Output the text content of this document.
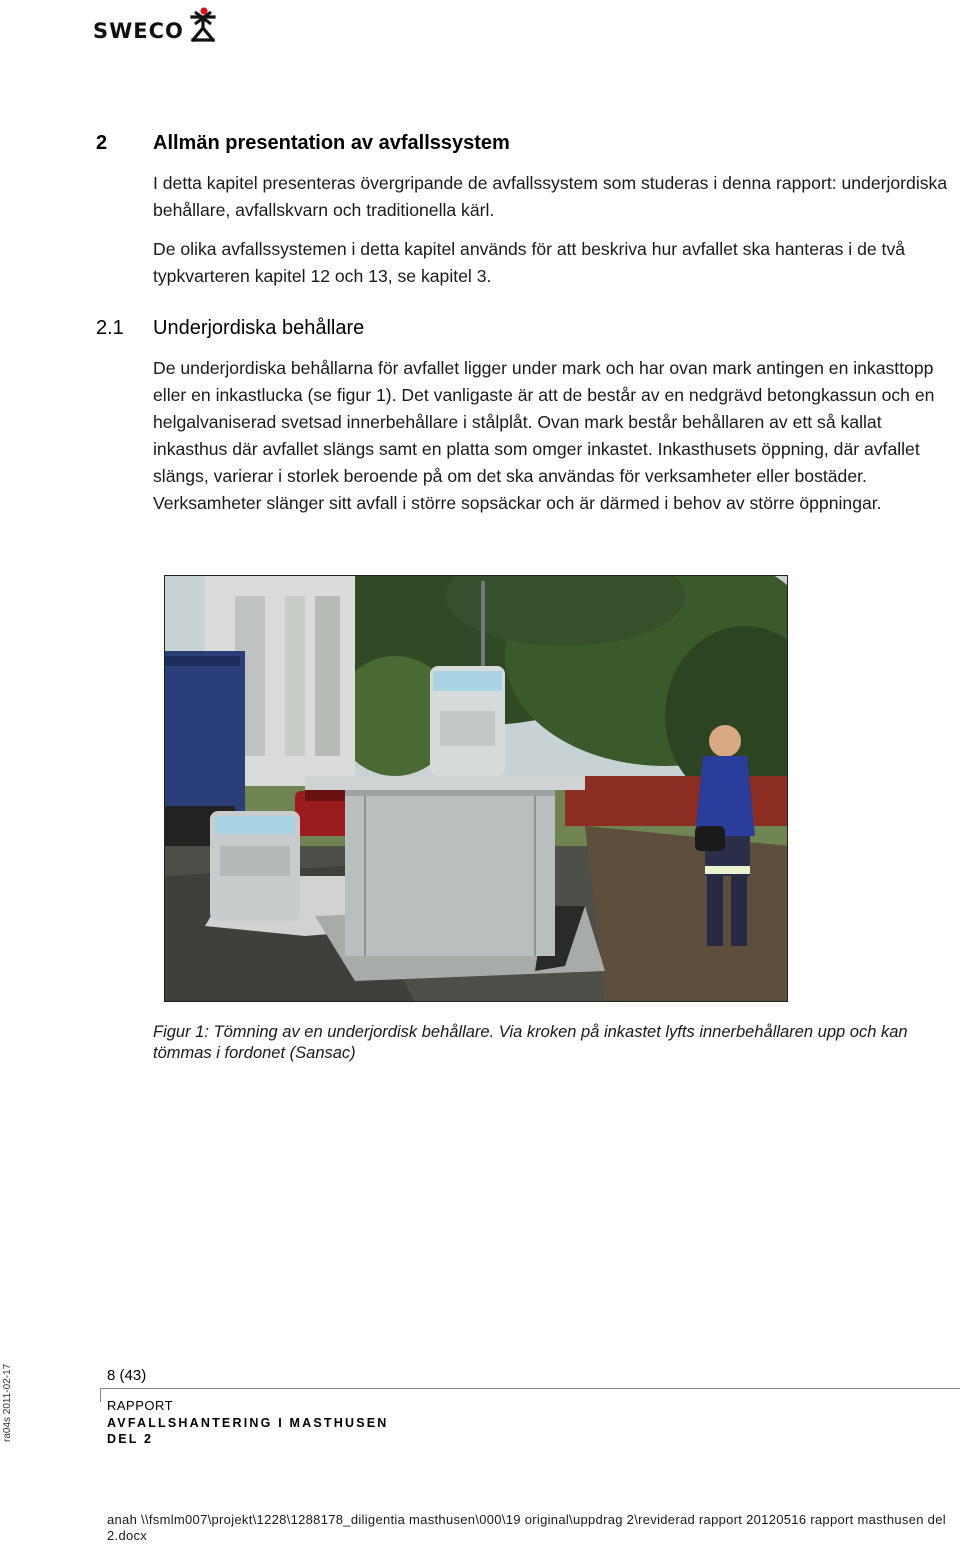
SWECO
2	Allmän presentation av avfallssystem
I detta kapitel presenteras övergripande de avfallssystem som studeras i denna rapport: underjordiska behållare, avfallskvarn och traditionella kärl.
De olika avfallssystemen i detta kapitel används för att beskriva hur avfallet ska hanteras i de två typkvarteren kapitel 12 och 13, se kapitel 3.
2.1	Underjordiska behållare
De underjordiska behållarna för avfallet ligger under mark och har ovan mark antingen en inkasttopp eller en inkastlucka (se figur 1). Det vanligaste är att de består av en nedgrävd betongkassun och en helgalvaniserad svetsad innerbehållare i stålplåt. Ovan mark består behållaren av ett så kallat inkasthus där avfallet slängs samt en platta som omger inkastet. Inkasthusets öppning, där avfallet slängs, varierar i storlek beroende på om det ska användas för verksamheter eller bostäder. Verksamheter slänger sitt avfall i större sopsäckar och är därmed i behov av större öppningar.
Figur 1: Tömning av en underjordisk behållare. Via kroken på inkastet lyfts innerbehållaren upp och kan tömmas i fordonet (Sansac)
ra04s 2011-02-17	8 (43)
RAPPORT
AVFALLSHANTERING I MASTHUSEN
DEL 2
anah \\fsmlm007\projekt\1228\1288178_diligentia masthusen\000\19 original\uppdrag 2\reviderad rapport 20120516 rapport masthusen del 2.docx
